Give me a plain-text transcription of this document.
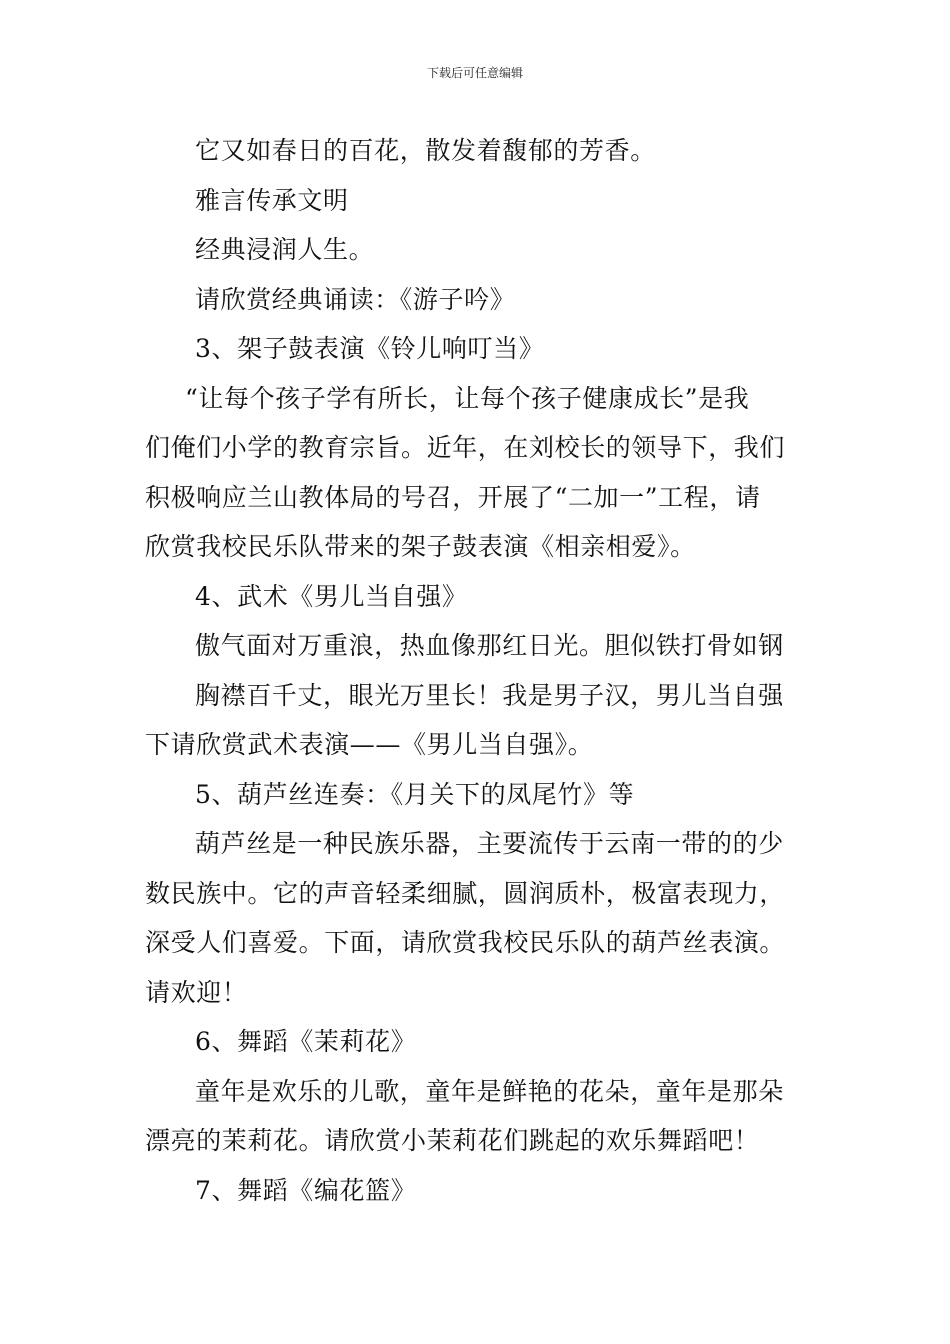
下载后可任意编辑
它又如春日的百花，散发着馥郁的芳香。
雅言传承文明
经典浸润人生。
请欣赏经典诵读：《游子吟》
3、架子鼓表演《铃儿响叮当》
“让每个孩子学有所长，让每个孩子健康成长”是我
们俺们小学的教育宗旨。近年，在刘校长的领导下，我们
积极响应兰山教体局的号召，开展了“二加一”工程，请
欣赏我校民乐队带来的架子鼓表演《相亲相爱》。
4、武术《男儿当自强》
傲气面对万重浪，热血像那红日光。胆似铁打骨如钢
胸襟百千丈，眼光万里长！我是男子汉，男儿当自强
下请欣赏武术表演——《男儿当自强》。
5、葫芦丝连奏：《月关下的凤尾竹》等
葫芦丝是一种民族乐器，主要流传于云南一带的的少
数民族中。它的声音轻柔细腻，圆润质朴，极富表现力，
深受人们喜爱。下面，请欣赏我校民乐队的葫芦丝表演。
请欢迎！
6、舞蹈《茉莉花》
童年是欢乐的儿歌，童年是鲜艳的花朵，童年是那朵
漂亮的茉莉花。请欣赏小茉莉花们跳起的欢乐舞蹈吧！
7、舞蹈《编花篮》
